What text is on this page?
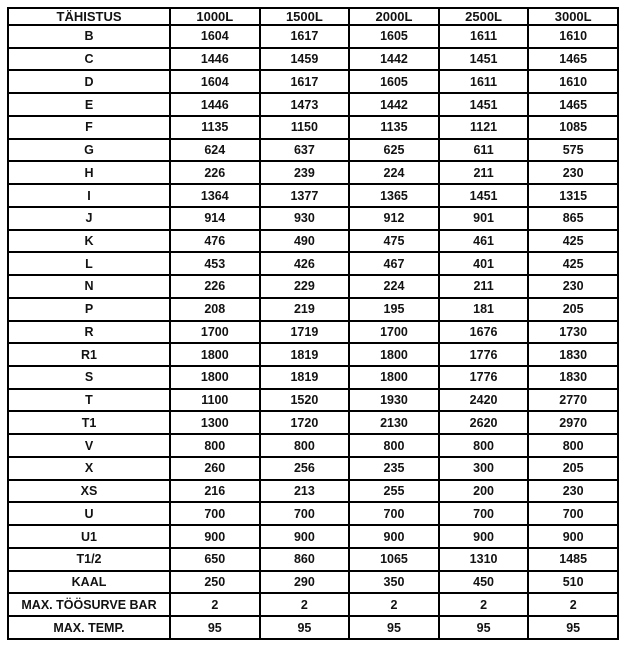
TÄHISTUS	1000L	1500L	2000L	2500L	3000L
B	1604	1617	1605	1611	1610
C	1446	1459	1442	1451	1465
D	1604	1617	1605	1611	1610
E	1446	1473	1442	1451	1465
F	1135	1150	1135	1121	1085
G	624	637	625	611	575
H	226	239	224	211	230
I	1364	1377	1365	1451	1315
J	914	930	912	901	865
K	476	490	475	461	425
L	453	426	467	401	425
N	226	229	224	211	230
P	208	219	195	181	205
R	1700	1719	1700	1676	1730
R1	1800	1819	1800	1776	1830
S	1800	1819	1800	1776	1830
T	1100	1520	1930	2420	2770
T1	1300	1720	2130	2620	2970
V	800	800	800	800	800
X	260	256	235	300	205
XS	216	213	255	200	230
U	700	700	700	700	700
U1	900	900	900	900	900
T1/2	650	860	1065	1310	1485
KAAL	250	290	350	450	510
MAX. TÖÖSURVE BAR	2	2	2	2	2
MAX. TEMP.	95	95	95	95	95
